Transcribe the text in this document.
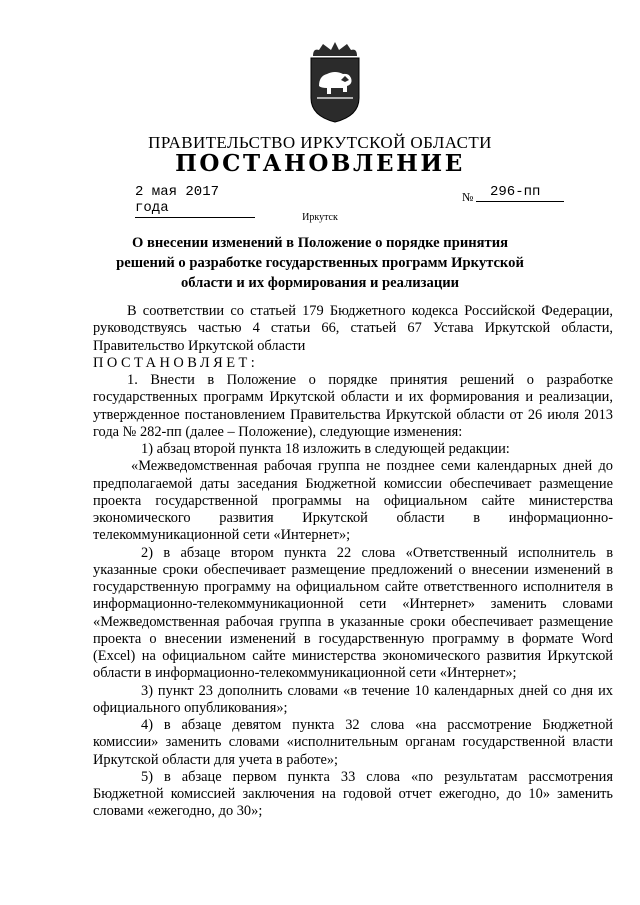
ПРАВИТЕЛЬСТВО ИРКУТСКОЙ ОБЛАСТИ
ПОСТАНОВЛЕНИЕ
2 мая 2017 года
№	296-пп
Иркутск
О внесении изменений в Положение о порядке принятия решений о разработке государственных программ Иркутской области и их формирования и реализации

В соответствии со статьей 179 Бюджетного кодекса Российской Федерации, руководствуясь частью 4 статьи 66, статьей 67 Устава Иркутской области, Правительство Иркутской области

ПОСТАНОВЛЯЕТ:

1. Внести в Положение о порядке принятия решений о разработке государственных программ Иркутской области и их формирования и реализации, утвержденное постановлением Правительства Иркутской области от 26 июля 2013 года № 282-пп (далее – Положение), следующие изменения:

1) абзац второй пункта 18 изложить в следующей редакции:

«Межведомственная рабочая группа не позднее семи календарных дней до предполагаемой даты заседания Бюджетной комиссии обеспечивает размещение проекта государственной программы на официальном сайте министерства экономического развития Иркутской области в информационно-телекоммуникационной сети «Интернет»;

2) в абзаце втором пункта 22 слова «Ответственный исполнитель в указанные сроки обеспечивает размещение предложений о внесении изменений в государственную программу на официальном сайте ответственного исполнителя в информационно-телекоммуникационной сети «Интернет» заменить словами «Межведомственная рабочая группа в указанные сроки обеспечивает размещение проекта о внесении изменений в государственную программу в формате Word (Excel) на официальном сайте министерства экономического развития Иркутской области в информационно-телекоммуникационной сети «Интернет»;

3) пункт 23 дополнить словами «в течение 10 календарных дней со дня их официального опубликования»;

4) в абзаце девятом пункта 32 слова «на рассмотрение Бюджетной комиссии» заменить словами «исполнительным органам государственной власти Иркутской области для учета в работе»;

5) в абзаце первом пункта 33 слова «по результатам рассмотрения Бюджетной комиссией заключения на годовой отчет ежегодно, до 10» заменить словами «ежегодно, до 30»;
